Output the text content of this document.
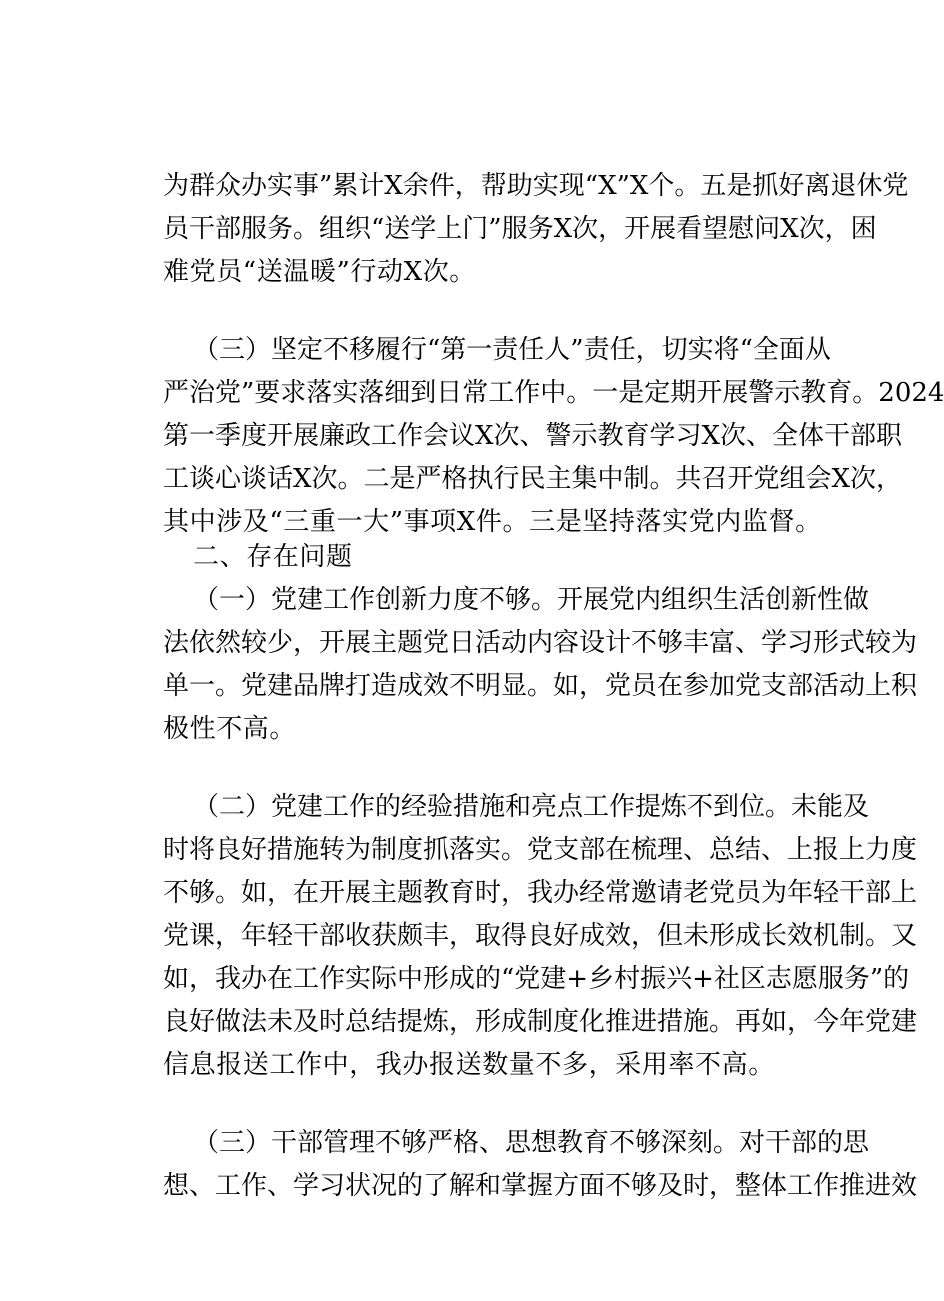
为群众办实事”累计X余件，帮助实现“X”X个。五是抓好离退休党
员干部服务。组织“送学上门”服务X次，开展看望慰问X次，困
难党员“送温暖”行动X次。
（三）坚定不移履行“第一责任人”责任，切实将“全面从
严治党”要求落实落细到日常工作中。一是定期开展警示教育。2024
第一季度开展廉政工作会议X次、警示教育学习X次、全体干部职
工谈心谈话X次。二是严格执行民主集中制。共召开党组会X次，
其中涉及“三重一大”事项X件。三是坚持落实党内监督。
二、存在问题
（一）党建工作创新力度不够。开展党内组织生活创新性做
法依然较少，开展主题党日活动内容设计不够丰富、学习形式较为
单一。党建品牌打造成效不明显。如，党员在参加党支部活动上积
极性不高。
（二）党建工作的经验措施和亮点工作提炼不到位。未能及
时将良好措施转为制度抓落实。党支部在梳理、总结、上报上力度
不够。如，在开展主题教育时，我办经常邀请老党员为年轻干部上
党课，年轻干部收获颇丰，取得良好成效，但未形成长效机制。又
如，我办在工作实际中形成的“党建+乡村振兴+社区志愿服务”的
良好做法未及时总结提炼，形成制度化推进措施。再如，今年党建
信息报送工作中，我办报送数量不多，采用率不高。
（三）干部管理不够严格、思想教育不够深刻。对干部的思
想、工作、学习状况的了解和掌握方面不够及时，整体工作推进效
